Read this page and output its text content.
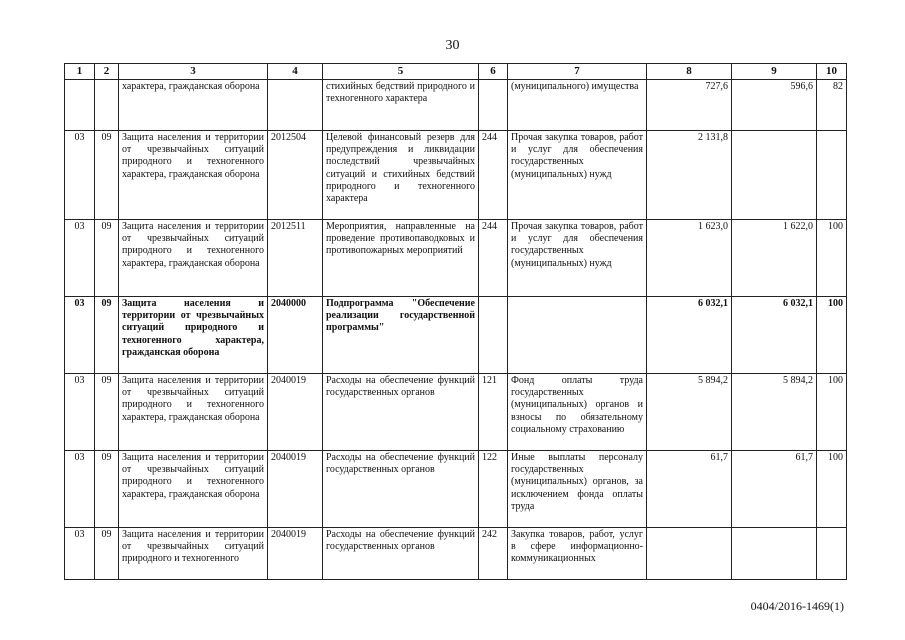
30
1	2	3	4	5	6	7	8	9	10
		характера, гражданская оборона		стихийных бедствий природного и техногенного характера		(муниципального) имущества	727,6	596,6	82
03	09	Защита населения и территории от чрезвычайных ситуаций природного и техногенного характера, гражданская оборона	2012504	Целевой финансовый резерв для предупреждения и ликвидации последствий чрезвычайных ситуаций и стихийных бедствий природного и техногенного характера	244	Прочая закупка товаров, работ и услуг для обеспечения государственных (муниципальных) нужд	2 131,8		
03	09	Защита населения и территории от чрезвычайных ситуаций природного и техногенного характера, гражданская оборона	2012511	Мероприятия, направленные на проведение противопаводковых и противопожарных мероприятий	244	Прочая закупка товаров, работ и услуг для обеспечения государственных (муниципальных) нужд	1 623,0	1 622,0	100
03	09	Защита населения и территории от чрезвычайных ситуаций природного и техногенного характера, гражданская оборона	2040000	Подпрограмма "Обеспечение реализации государственной программы"			6 032,1	6 032,1	100
03	09	Защита населения и территории от чрезвычайных ситуаций природного и техногенного характера, гражданская оборона	2040019	Расходы на обеспечение функций государственных органов	121	Фонд оплаты труда государственных (муниципальных) органов и взносы по обязательному социальному страхованию	5 894,2	5 894,2	100
03	09	Защита населения и территории от чрезвычайных ситуаций природного и техногенного характера, гражданская оборона	2040019	Расходы на обеспечение функций государственных органов	122	Иные выплаты персоналу государственных (муниципальных) органов, за исключением фонда оплаты труда	61,7	61,7	100
03	09	Защита населения и территории от чрезвычайных ситуаций природного и техногенного	2040019	Расходы на обеспечение функций государственных органов	242	Закупка товаров, работ, услуг в сфере информационно-коммуникационных			
0404/2016-1469(1)
